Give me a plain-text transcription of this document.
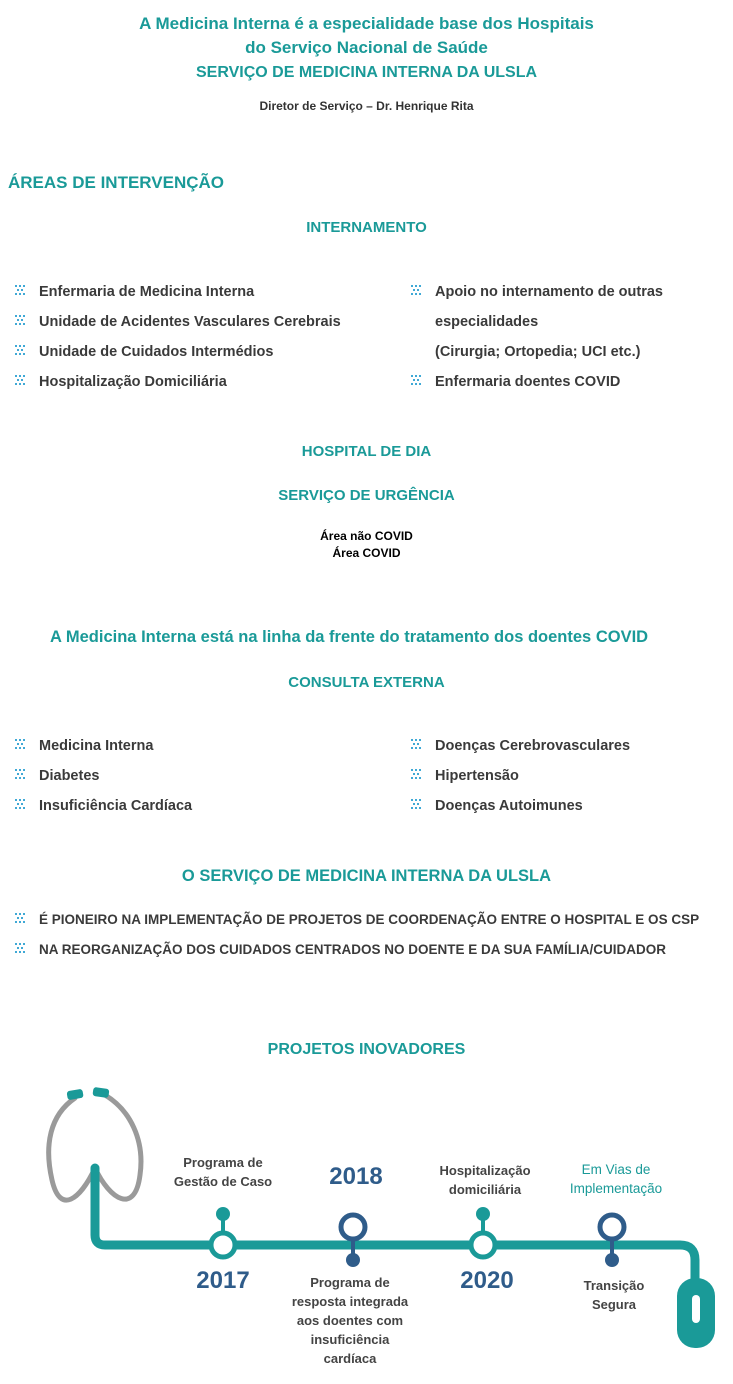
A Medicina Interna é a especialidade base dos Hospitais
do Serviço Nacional de Saúde
SERVIÇO DE MEDICINA INTERNA DA ULSLA
Diretor de Serviço – Dr. Henrique Rita
ÁREAS DE INTERVENÇÃO
INTERNAMENTO
Enfermaria de Medicina Interna
Unidade de Acidentes Vasculares Cerebrais
Unidade de Cuidados Intermédios
Hospitalização Domiciliária
Apoio no internamento de outras
especialidades
(Cirurgia; Ortopedia; UCI etc.)
Enfermaria doentes COVID
HOSPITAL DE DIA
SERVIÇO DE URGÊNCIA
Área não COVID
Área COVID
A Medicina Interna está na linha da frente do tratamento dos doentes COVID
CONSULTA EXTERNA
Medicina Interna
Diabetes
Insuficiência Cardíaca
Doenças Cerebrovasculares
Hipertensão
Doenças Autoimunes
O SERVIÇO DE MEDICINA INTERNA DA ULSLA
É PIONEIRO NA IMPLEMENTAÇÃO DE PROJETOS DE COORDENAÇÃO ENTRE O HOSPITAL E OS CSP
NA REORGANIZAÇÃO DOS CUIDADOS CENTRADOS NO DOENTE E DA SUA FAMÍLIA/CUIDADOR
PROJETOS INOVADORES
Programa de
Gestão de Caso
2017
2018
Programa de
resposta integrada
aos doentes com
insuficiência
cardíaca
Hospitalização
domiciliária
2020
Em Vias de
Implementação
Transição
Segura
